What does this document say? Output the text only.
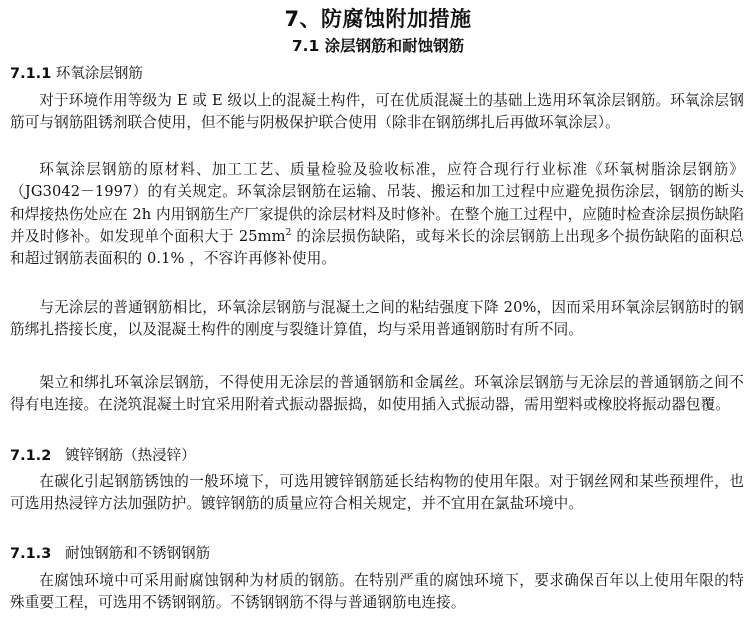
7、防腐蚀附加措施
7.1 涂层钢筋和耐蚀钢筋
7.1.1 环氧涂层钢筋
对于环境作用等级为 E 或 E 级以上的混凝土构件，可在优质混凝土的基础上选用环氧涂层钢筋。环氧涂层钢筋可与钢筋阻锈剂联合使用，但不能与阴极保护联合使用（除非在钢筋绑扎后再做环氧涂层）。
环氧涂层钢筋的原材料、加工工艺、质量检验及验收标准，应符合现行行业标准《环氧树脂涂层钢筋》（JG3042－1997）的有关规定。环氧涂层钢筋在运输、吊装、搬运和加工过程中应避免损伤涂层，钢筋的断头和焊接热伤处应在 2h 内用钢筋生产厂家提供的涂层材料及时修补。在整个施工过程中，应随时检查涂层损伤缺陷并及时修补。如发现单个面积大于 $25mm^2$ 的涂层损伤缺陷，或每米长的涂层钢筋上出现多个损伤缺陷的面积总和超过钢筋表面积的 0.1% ，不容许再修补使用。
与无涂层的普通钢筋相比，环氧涂层钢筋与混凝土之间的粘结强度下降 20%，因而采用环氧涂层钢筋时的钢筋绑扎搭接长度，以及混凝土构件的刚度与裂缝计算值，均与采用普通钢筋时有所不同。
架立和绑扎环氧涂层钢筋，不得使用无涂层的普通钢筋和金属丝。环氧涂层钢筋与无涂层的普通钢筋之间不得有电连接。在浇筑混凝土时宜采用附着式振动器振捣，如使用插入式振动器，需用塑料或橡胶将振动器包覆。
7.1.2 镀锌钢筋（热浸锌）
在碳化引起钢筋锈蚀的一般环境下，可选用镀锌钢筋延长结构物的使用年限。对于钢丝网和某些预埋件，也可选用热浸锌方法加强防护。镀锌钢筋的质量应符合相关规定，并不宜用在氯盐环境中。
7.1.3 耐蚀钢筋和不锈钢钢筋
在腐蚀环境中可采用耐腐蚀钢种为材质的钢筋。在特别严重的腐蚀环境下，要求确保百年以上使用年限的特殊重要工程，可选用不锈钢钢筋。不锈钢钢筋不得与普通钢筋电连接。
